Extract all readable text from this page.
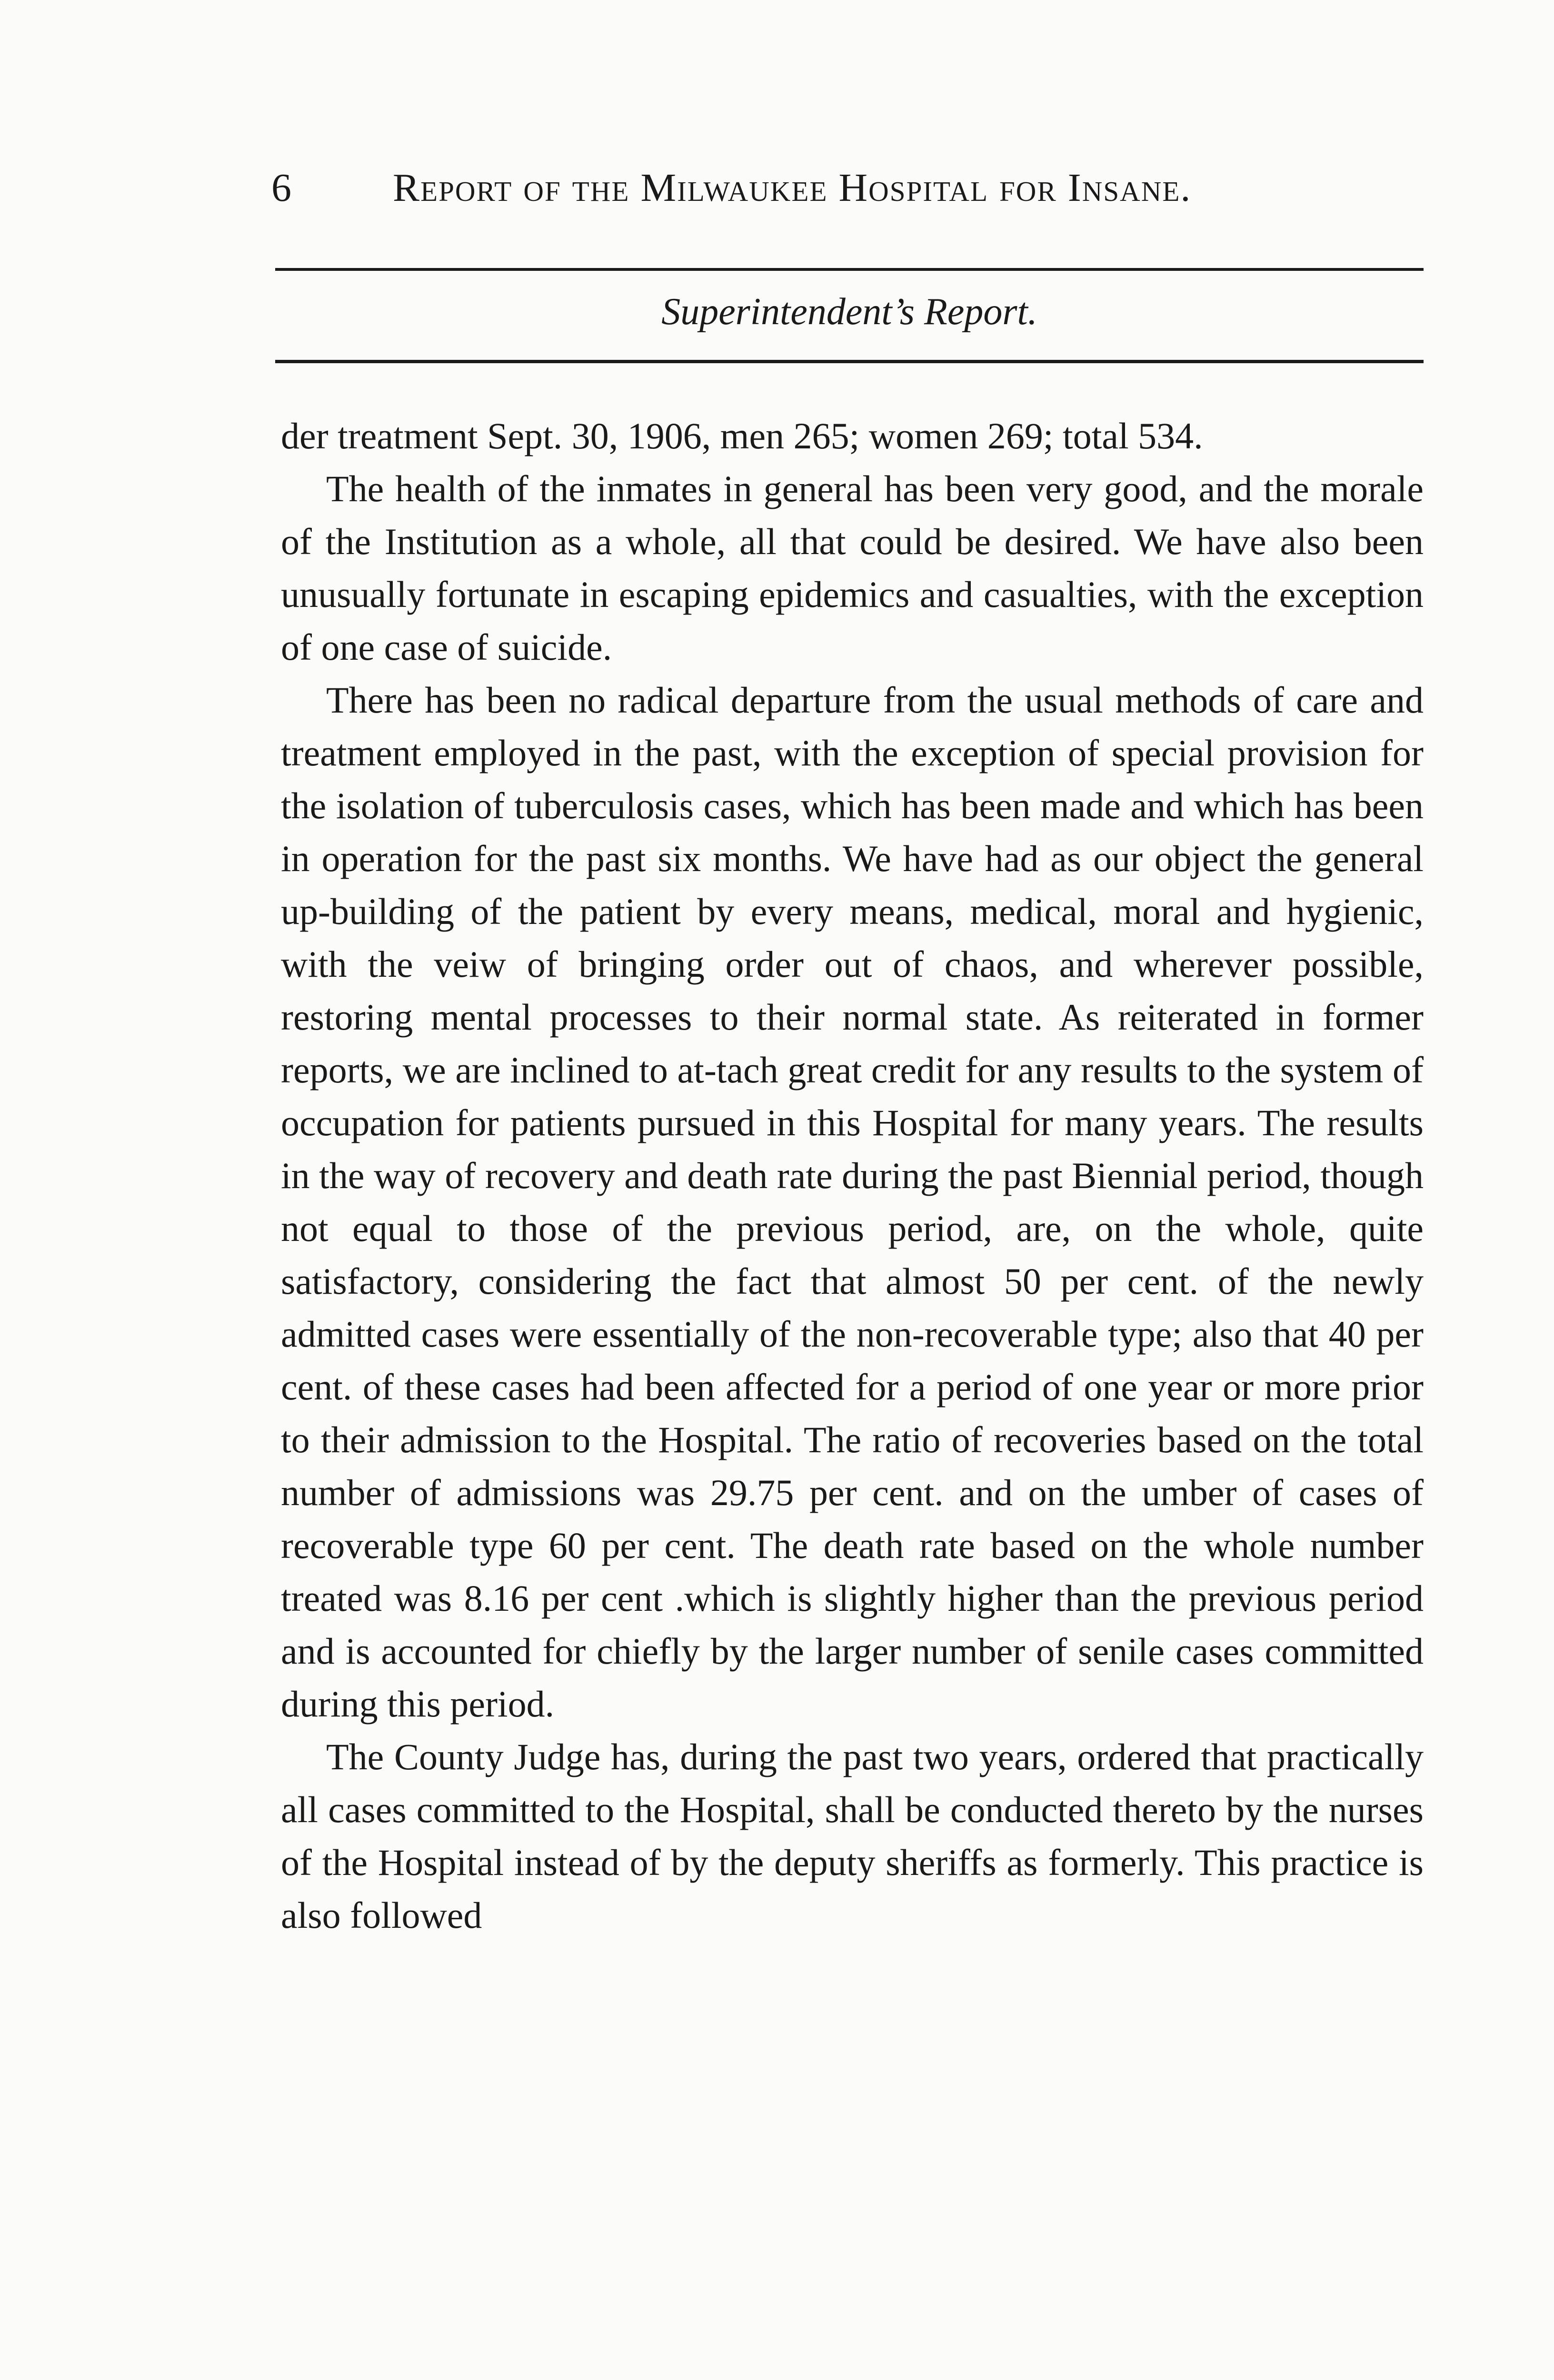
6	Report of the Milwaukee Hospital for Insane.
Superintendent’s Report.

der treatment Sept. 30, 1906, men 265; women 269; total 534.

The health of the inmates in general has been very good, and the morale of the Institution as a whole, all that could be desired. We have also been unusually fortunate in escaping epidemics and casualties, with the exception of one case of suicide.

There has been no radical departure from the usual methods of care and treatment employed in the past, with the exception of special provision for the isolation of tuberculosis cases, which has been made and which has been in operation for the past six months. We have had as our object the general up-building of the patient by every means, medical, moral and hygienic, with the veiw of bringing order out of chaos, and wherever possible, restoring mental processes to their normal state. As reiterated in former reports, we are inclined to at-tach great credit for any results to the system of occupation for patients pursued in this Hospital for many years. The results in the way of recovery and death rate during the past Biennial period, though not equal to those of the previous period, are, on the whole, quite satisfactory, considering the fact that almost 50 per cent. of the newly admitted cases were essentially of the non-recoverable type; also that 40 per cent. of these cases had been affected for a period of one year or more prior to their admission to the Hospital. The ratio of recoveries based on the total number of admissions was 29.75 per cent. and on the umber of cases of recoverable type 60 per cent. The death rate based on the whole number treated was 8.16 per cent .which is slightly higher than the previous period and is accounted for chiefly by the larger number of senile cases committed during this period.

The County Judge has, during the past two years, ordered that practically all cases committed to the Hospital, shall be conducted thereto by the nurses of the Hospital instead of by the deputy sheriffs as formerly. This practice is also followed
